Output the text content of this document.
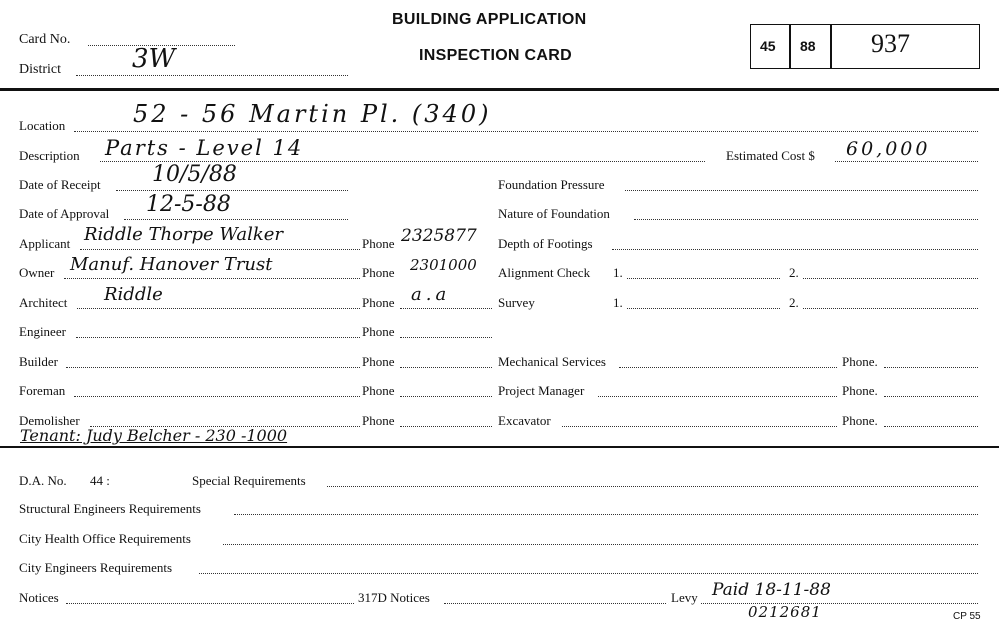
Card No.
District	3W
BUILDING APPLICATION
INSPECTION CARD
45 88 937
Location	52 - 56 Martin Pl. (340)
Description Parts - Level 14	Estimated Cost $ 60,000
Date of Receipt 10/5/88
Date of Approval 12-5-88
Applicant Riddle Thorpe Walker	Phone 2325877
Owner Manuf. Hanover Trust	Phone 2301000
Architect Riddle	Phone a.a
Engineer	Phone
Builder	Phone
Foreman	Phone
Demolisher	Phone
Foundation Pressure
Nature of Foundation
Depth of Footings
Alignment Check 1.	2.
Survey	1.	2.
Mechanical Services	Phone.
Project Manager	Phone.
Excavator	Phone.
Tenant: Judy Belcher - 230 -1000
D.A. No. 44 :	Special Requirements
Structural Engineers Requirements
City Health Office Requirements
City Engineers Requirements
Notices	317D Notices	Levy Paid 18-11-88
0212681	CP 55
